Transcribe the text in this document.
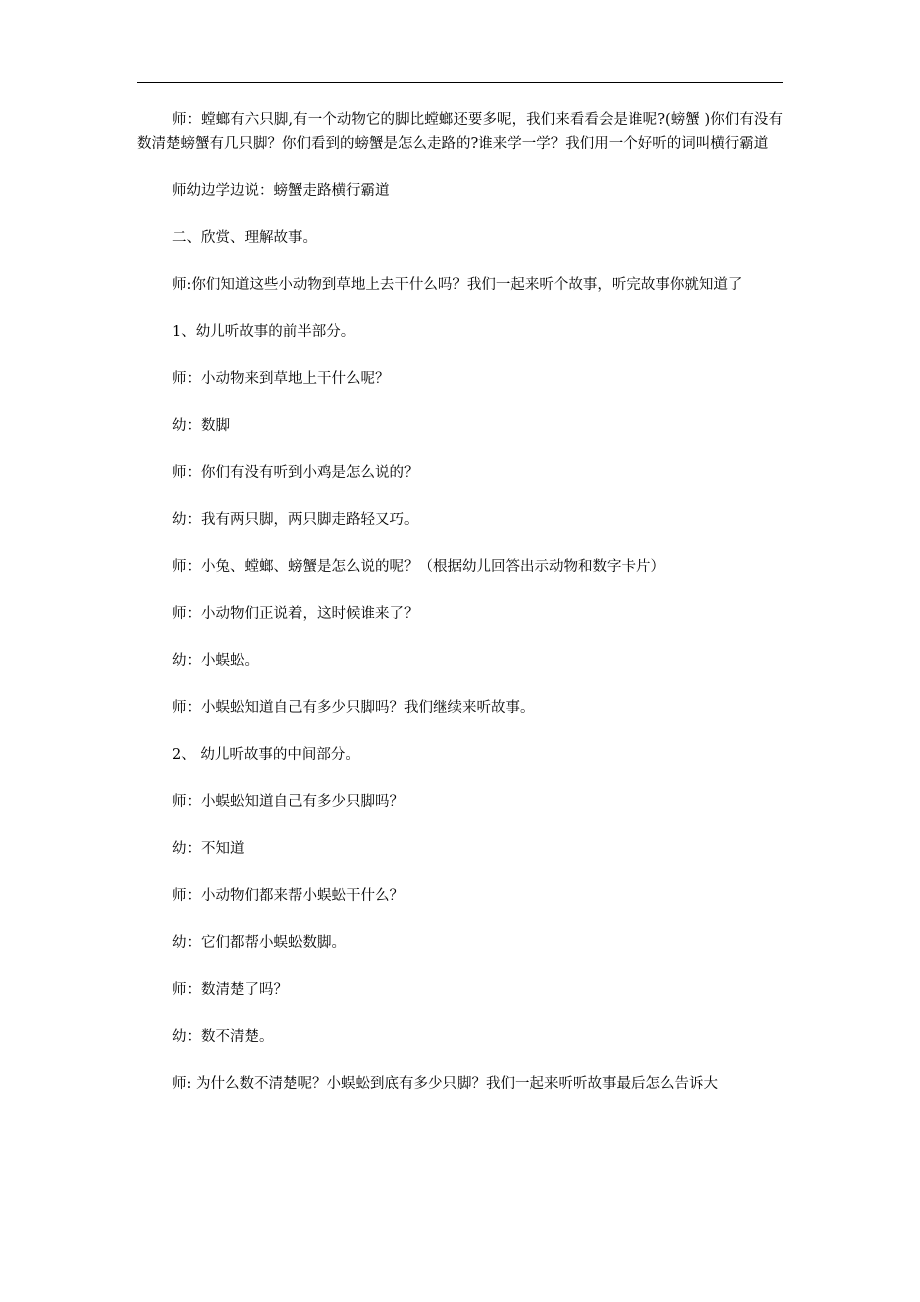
师：螳螂有六只脚,有一个动物它的脚比螳螂还要多呢，我们来看看会是谁呢?(螃蟹 )你们有没有数清楚螃蟹有几只脚？你们看到的螃蟹是怎么走路的?谁来学一学？我们用一个好听的词叫横行霸道

师幼边学边说：螃蟹走路横行霸道

二、欣赏、理解故事。

师:你们知道这些小动物到草地上去干什么吗？我们一起来听个故事，听完故事你就知道了

1、幼儿听故事的前半部分。

师：小动物来到草地上干什么呢？

幼：数脚

师：你们有没有听到小鸡是怎么说的？

幼：我有两只脚，两只脚走路轻又巧。

师：小兔、螳螂、螃蟹是怎么说的呢？（根据幼儿回答出示动物和数字卡片）

师：小动物们正说着，这时候谁来了？

幼：小蜈蚣。

师：小蜈蚣知道自己有多少只脚吗？我们继续来听故事。

2、 幼儿听故事的中间部分。

师：小蜈蚣知道自己有多少只脚吗？

幼：不知道

师：小动物们都来帮小蜈蚣干什么？

幼：它们都帮小蜈蚣数脚。

师：数清楚了吗？

幼：数不清楚。

师: 为什么数不清楚呢？小蜈蚣到底有多少只脚？我们一起来听听故事最后怎么告诉大
